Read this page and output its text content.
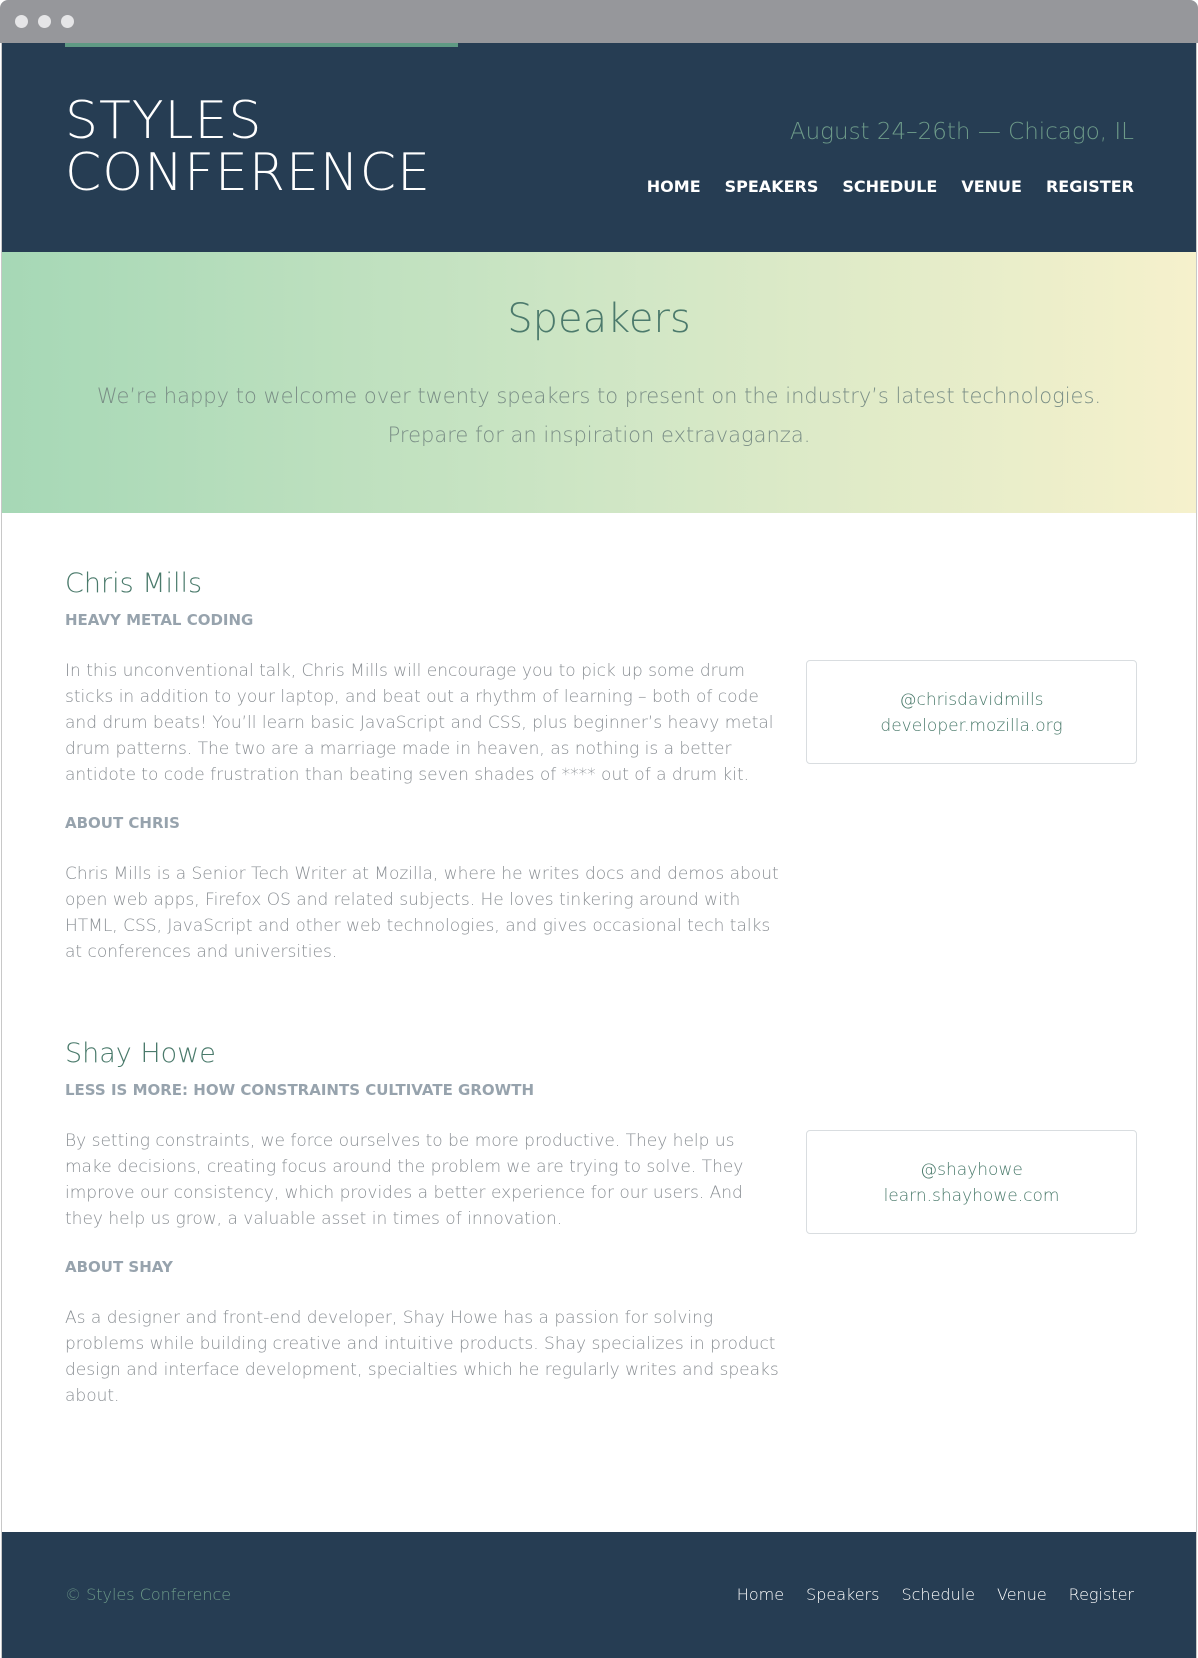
STYLES
CONFERENCE
August 24–26th — Chicago, IL
HOME SPEAKERS SCHEDULE VENUE REGISTER
Speakers

We’re happy to welcome over twenty speakers to present on the industry’s latest technologies.
Prepare for an inspiration extravaganza.

Chris Mills
HEAVY METAL CODING

In this unconventional talk, Chris Mills will encourage you to pick up some drum sticks in addition to your laptop, and beat out a rhythm of learning – both of code and drum beats! You’ll learn basic JavaScript and CSS, plus beginner’s heavy metal drum patterns. The two are a marriage made in heaven, as nothing is a better antidote to code frustration than beating seven shades of **** out of a drum kit.

ABOUT CHRIS

Chris Mills is a Senior Tech Writer at Mozilla, where he writes docs and demos about open web apps, Firefox OS and related subjects. He loves tinkering around with HTML, CSS, JavaScript and other web technologies, and gives occasional tech talks at conferences and universities.

@chrisdavidmills
developer.mozilla.org
Shay Howe
LESS IS MORE: HOW CONSTRAINTS CULTIVATE GROWTH

By setting constraints, we force ourselves to be more productive. They help us make decisions, creating focus around the problem we are trying to solve. They improve our consistency, which provides a better experience for our users. And they help us grow, a valuable asset in times of innovation.

ABOUT SHAY

As a designer and front-end developer, Shay Howe has a passion for solving problems while building creative and intuitive products. Shay specializes in product design and interface development, specialties which he regularly writes and speaks about.

@shayhowe
learn.shayhowe.com
© Styles Conference	Home Speakers Schedule Venue Register
